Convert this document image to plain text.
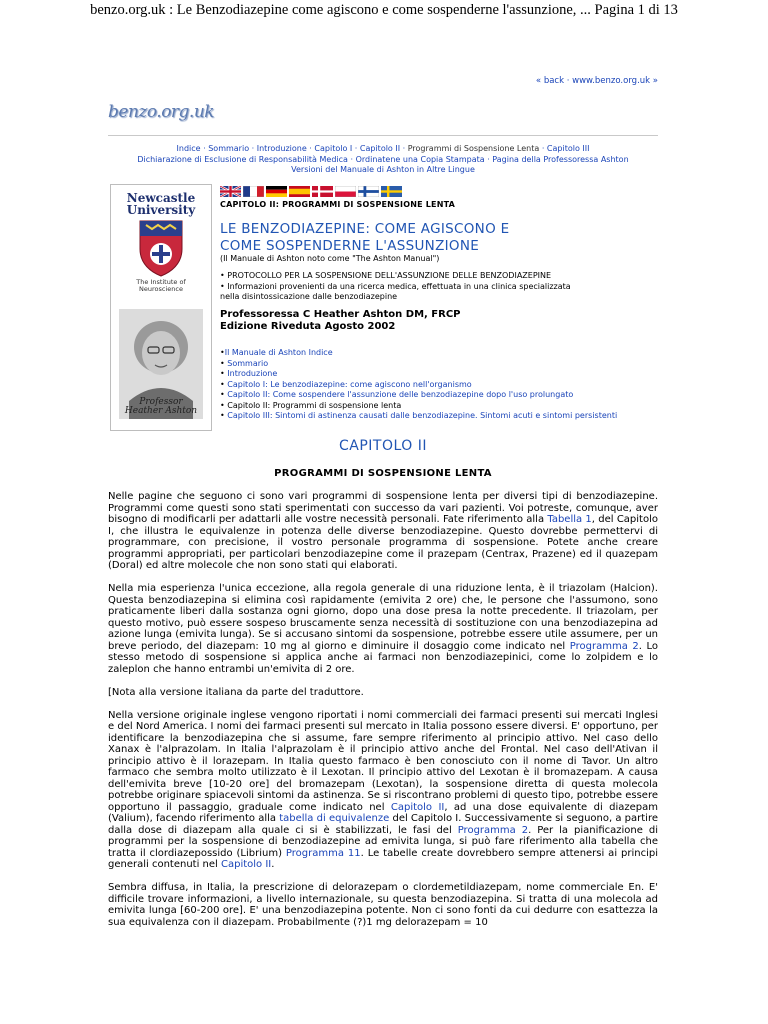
benzo.org.uk : Le Benzodiazepine come agiscono e come sospenderne l'assunzione, ... Pagina 1 di 13
« back · www.benzo.org.uk »
benzo.org.uk
Indice · Sommario · Introduzione · Capitolo I · Capitolo II · Programmi di Sospensione Lenta · Capitolo III
Dichiarazione di Esclusione di Responsabilità Medica · Ordinatene una Copia Stampata · Pagina della Professoressa Ashton
Versioni del Manuale di Ashton in Altre Lingue
Newcastle
University
The Institute of
Neuroscience
Professor
Heather Ashton
CAPITOLO II: PROGRAMMI DI SOSPENSIONE LENTA
LE BENZODIAZEPINE: COME AGISCONO E
COME SOSPENDERNE L'ASSUNZIONE
(Il Manuale di Ashton noto come "The Ashton Manual")
• PROTOCOLLO PER LA SOSPENSIONE DELL'ASSUNZIONE DELLE BENZODIAZEPINE
• Informazioni provenienti da una ricerca medica, effettuata in una clinica specializzata nella disintossicazione dalle benzodiazepine
Professoressa C Heather Ashton DM, FRCP
Edizione Riveduta Agosto 2002
•Il Manuale di Ashton Indice
• Sommario
• Introduzione
• Capitolo I: Le benzodiazepine: come agiscono nell'organismo
• Capitolo II: Come sospendere l'assunzione delle benzodiazepine dopo l'uso prolungato
• Capitolo II: Programmi di sospensione lenta
• Capitolo III: Sintomi di astinenza causati dalle benzodiazepine. Sintomi acuti e sintomi persistenti
CAPITOLO II
PROGRAMMI DI SOSPENSIONE LENTA

Nelle pagine che seguono ci sono vari programmi di sospensione lenta per diversi tipi di benzodiazepine. Programmi come questi sono stati sperimentati con successo da vari pazienti. Voi potreste, comunque, aver bisogno di modificarli per adattarli alle vostre necessità personali. Fate riferimento alla Tabella 1, del Capitolo I, che illustra le equivalenze in potenza delle diverse benzodiazepine. Questo dovrebbe permettervi di programmare, con precisione, il vostro personale programma di sospensione. Potete anche creare programmi appropriati, per particolari benzodiazepine come il prazepam (Centrax, Prazene) ed il quazepam (Doral) ed altre molecole che non sono stati qui elaborati.

Nella mia esperienza l'unica eccezione, alla regola generale di una riduzione lenta, è il triazolam (Halcion). Questa benzodiazepina si elimina così rapidamente (emivita 2 ore) che, le persone che l'assumono, sono praticamente liberi dalla sostanza ogni giorno, dopo una dose presa la notte precedente. Il triazolam, per questo motivo, può essere sospeso bruscamente senza necessità di sostituzione con una benzodiazepina ad azione lunga (emivita lunga). Se si accusano sintomi da sospensione, potrebbe essere utile assumere, per un breve periodo, del diazepam: 10 mg al giorno e diminuire il dosaggio come indicato nel Programma 2. Lo stesso metodo di sospensione si applica anche ai farmaci non benzodiazepinici, come lo zolpidem e lo zaleplon che hanno entrambi un'emivita di 2 ore.

[Nota alla versione italiana da parte del traduttore.

Nella versione originale inglese vengono riportati i nomi commerciali dei farmaci presenti sui mercati Inglesi e del Nord America. I nomi dei farmaci presenti sul mercato in Italia possono essere diversi. E' opportuno, per identificare la benzodiazepina che si assume, fare sempre riferimento al principio attivo. Nel caso dello Xanax è l'alprazolam. In Italia l'alprazolam è il principio attivo anche del Frontal. Nel caso dell'Ativan il principio attivo è il lorazepam. In Italia questo farmaco è ben conosciuto con il nome di Tavor. Un altro farmaco che sembra molto utilizzato è il Lexotan. Il principio attivo del Lexotan è il bromazepam. A causa dell'emivita breve [10-20 ore] del bromazepam (Lexotan), la sospensione diretta di questa molecola potrebbe originare spiacevoli sintomi da astinenza. Se si riscontrano problemi di questo tipo, potrebbe essere opportuno il passaggio, graduale come indicato nel Capitolo II, ad una dose equivalente di diazepam (Valium), facendo riferimento alla tabella di equivalenze del Capitolo I. Successivamente si seguono, a partire dalla dose di diazepam alla quale ci si è stabilizzati, le fasi del Programma 2. Per la pianificazione di programmi per la sospensione di benzodiazepine ad emivita lunga, si può fare riferimento alla tabella che tratta il clordiazepossido (Librium) Programma 11. Le tabelle create dovrebbero sempre attenersi ai principi generali contenuti nel Capitolo II.

Sembra diffusa, in Italia, la prescrizione di delorazepam o clordemetildiazepam, nome commerciale En. E' difficile trovare informazioni, a livello internazionale, su questa benzodiazepina. Si tratta di una molecola ad emivita lunga [60-200 ore]. E' una benzodiazepina potente. Non ci sono fonti da cui dedurre con esattezza la sua equivalenza con il diazepam. Probabilmente (?)1 mg delorazepam = 10
